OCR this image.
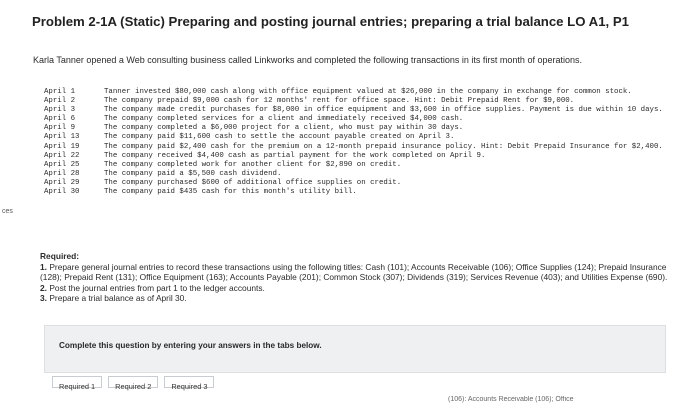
ces
Problem 2-1A (Static) Preparing and posting journal entries; preparing a trial balance LO A1, P1
Karla Tanner opened a Web consulting business called Linkworks and completed the following transactions in its first month of operations.
April 1	Tanner invested $80,000 cash along with office equipment valued at $26,000 in the company in exchange for common stock.
April 2	The company prepaid $9,000 cash for 12 months' rent for office space. Hint: Debit Prepaid Rent for $9,000.
April 3	The company made credit purchases for $8,000 in office equipment and $3,600 in office supplies. Payment is due within 10 days.
April 6	The company completed services for a client and immediately received $4,000 cash.
April 9	The company completed a $6,000 project for a client, who must pay within 30 days.
April 13	The company paid $11,600 cash to settle the account payable created on April 3.
April 19	The company paid $2,400 cash for the premium on a 12-month prepaid insurance policy. Hint: Debit Prepaid Insurance for $2,400.
April 22	The company received $4,400 cash as partial payment for the work completed on April 9.
April 25	The company completed work for another client for $2,890 on credit.
April 28	The company paid a $5,500 cash dividend.
April 29	The company purchased $600 of additional office supplies on credit.
April 30	The company paid $435 cash for this month's utility bill.
Required:
1. Prepare general journal entries to record these transactions using the following titles: Cash (101); Accounts Receivable (106); Office Supplies (124); Prepaid Insurance (128); Prepaid Rent (131); Office Equipment (163); Accounts Payable (201); Common Stock (307); Dividends (319); Services Revenue (403); and Utilities Expense (690).
2. Post the journal entries from part 1 to the ledger accounts.
3. Prepare a trial balance as of April 30.
Complete this question by entering your answers in the tabs below.
Required 1	Required 2	Required 3
(106): Accounts Receivable (106); Office
